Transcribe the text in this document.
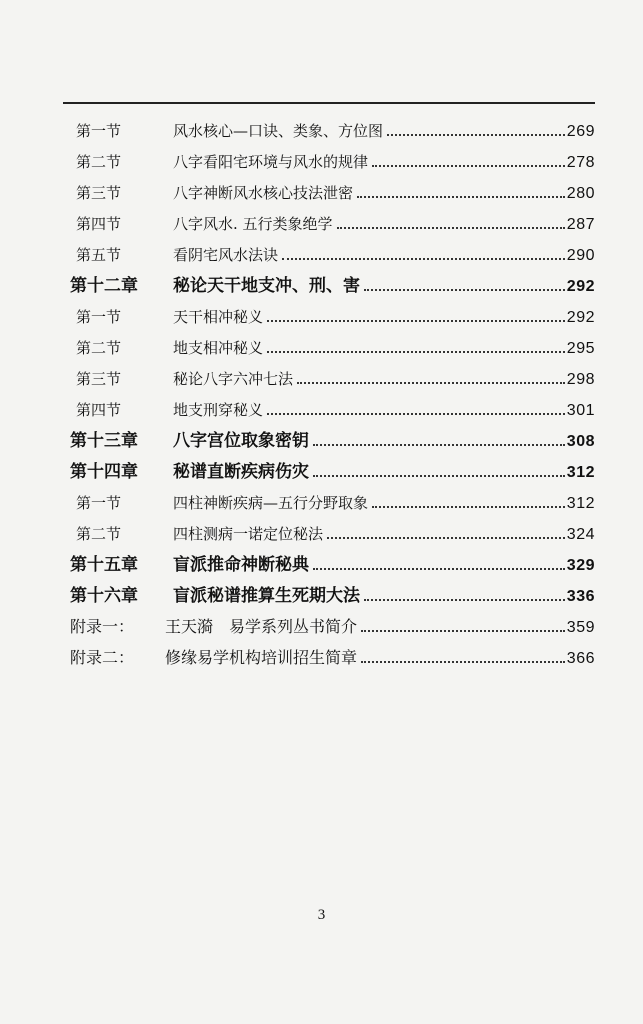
第一节	风水核心—口诀、类象、方位图	269
第二节	八字看阳宅环境与风水的规律	278
第三节	八字神断风水核心技法泄密	280
第四节	八字风水. 五行类象绝学	287
第五节	看阴宅风水法诀	290
第十二章	秘论天干地支冲、刑、害	292
第一节	天干相冲秘义	292
第二节	地支相冲秘义	295
第三节	秘论八字六冲七法	298
第四节	地支刑穿秘义	301
第十三章	八字宫位取象密钥	308
第十四章	秘谱直断疾病伤灾	312
第一节	四柱神断疾病—五行分野取象	312
第二节	四柱测病一诺定位秘法	324
第十五章	盲派推命神断秘典	329
第十六章	盲派秘谱推算生死期大法	336
附录一：	王天漪　易学系列丛书简介	359
附录二：	修缘易学机构培训招生简章	366
3
